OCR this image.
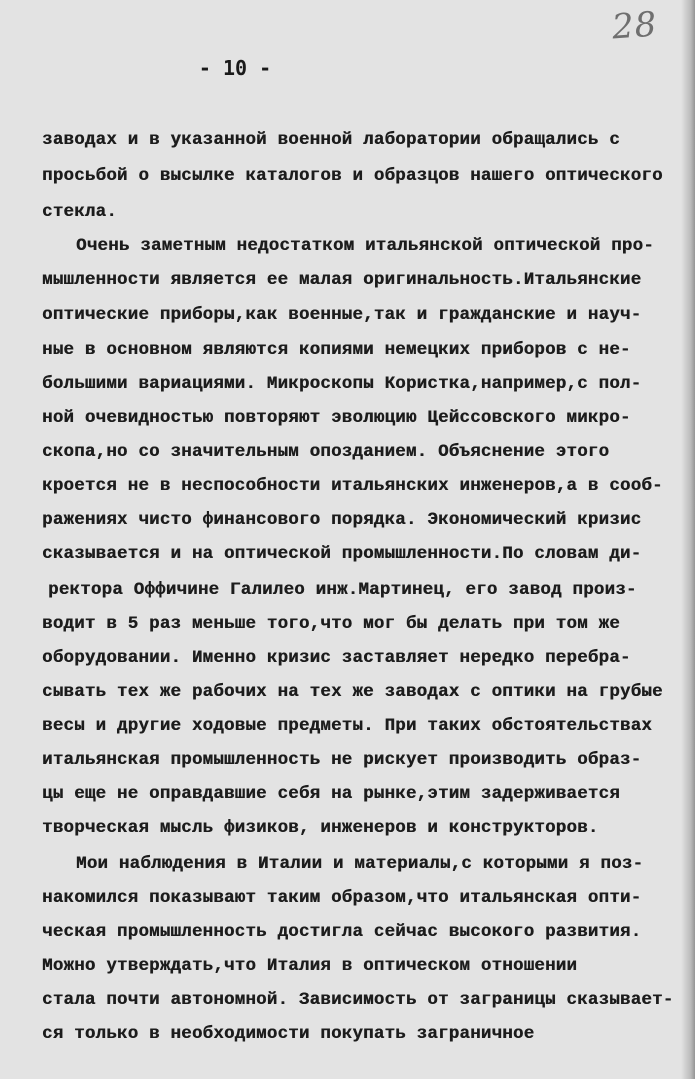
28
- 10 -
заводах и в указанной военной лаборатории обращались с
просьбой о высылке каталогов и образцов нашего оптического
стекла.
Очень заметным недостатком итальянской оптической про-
мышленности является ее малая оригинальность.Итальянские
оптические приборы,как военные,так и гражданские и науч-
ные в основном являются копиями немецких приборов с не-
большими вариациями. Микроскопы Користка,например,с пол-
ной очевидностью повторяют эволюцию Цейссовского микро-
скопа,но со значительным опозданием. Объяснение этого
кроется не в неспособности итальянских инженеров,а в сооб-
ражениях чисто финансового порядка. Экономический кризис
сказывается и на оптической промышленности.По словам ди-
ректора Оффичине Галилео инж.Мартинец, его завод произ-
водит в 5 раз меньше того,что мог бы делать при том же
оборудовании. Именно кризис заставляет нередко перебра-
сывать тех же рабочих на тех же заводах с оптики на грубые
весы и другие ходовые предметы. При таких обстоятельствах
итальянская промышленность не рискует производить образ-
цы еще не оправдавшие себя на рынке,этим задерживается
творческая мысль физиков, инженеров и конструкторов.
Мои наблюдения в Италии и материалы,с которыми я поз-
накомился показывают таким образом,что итальянская опти-
ческая промышленность достигла сейчас высокого развития.
Можно утверждать,что Италия в оптическом отношении
стала почти автономной. Зависимость от заграницы сказывает-
ся только в необходимости покупать заграничное
